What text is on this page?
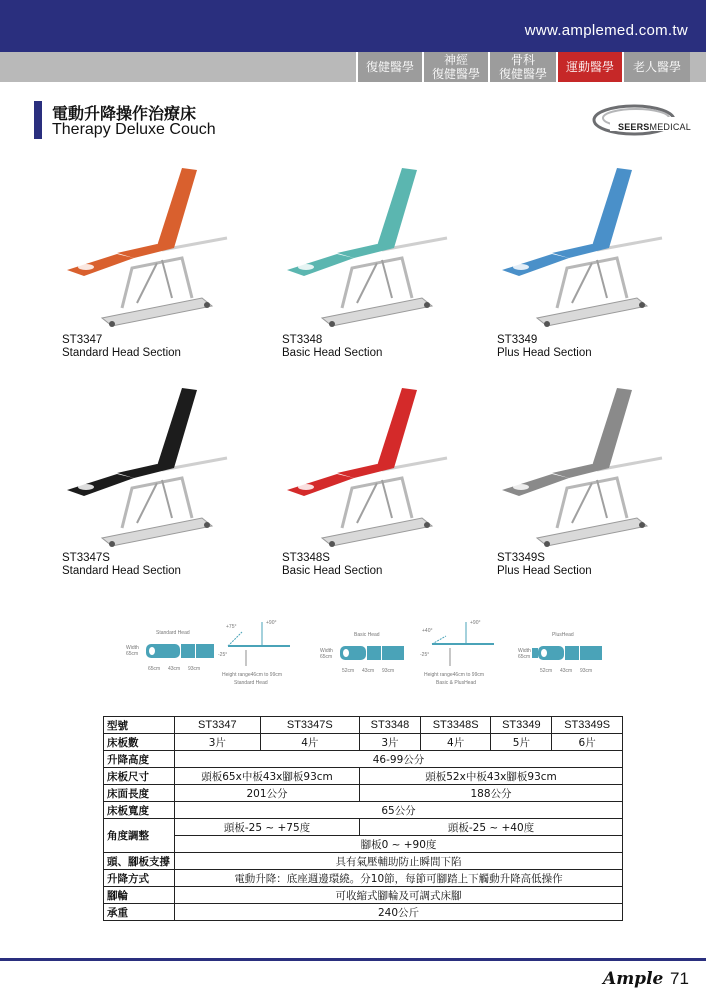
www.amplemed.com.tw
復健醫學 神經
復健醫學
骨科
復健醫學 運動醫學 老人醫學
電動升降操作治療床
Therapy Deluxe Couch	SEERSMEDICAL
ST3347
Standard Head Section
ST3348
Basic Head Section
ST3349
Plus Head Section
ST3347S
Standard Head Section
ST3348S
Basic Head Section
ST3349S
Plus Head Section
Standard Head
Width
65cm
65cm 43cm 93cm
+75°
+90°
-25°
Height range46cm to 99cm
Standard Head
Basic Head
Width
65cm
52cm 43cm 93cm
+40°
+90°
-25°
Height range46cm to 99cm
Basic & PlusHead
PlusHead
Width
65cm
52cm 43cm 93cm
型號	ST3347	ST3347S	ST3348	ST3348S	ST3349	ST3349S
床板數	3片	4片	3片	4片	5片	6片
升降高度	46-99公分					
床板尺寸	頭板65x中板43x腳板93cm		頭板52x中板43x腳板93cm			
床面長度	201公分		188公分			
床板寬度	65公分					
角度調整	頭板-25 ~ +75度		頭板-25 ~ +40度			
	腳板0 ~ +90度					
頭、腳板支撐	具有氣壓輔助防止瞬間下陷					
升降方式	電動升降：底座週邊環繞。分10節，每節可腳踏上下觸動升降高低操作					
腳輪	可收縮式腳輪及可調式床腳					
承重	240公斤					
Ample 71
